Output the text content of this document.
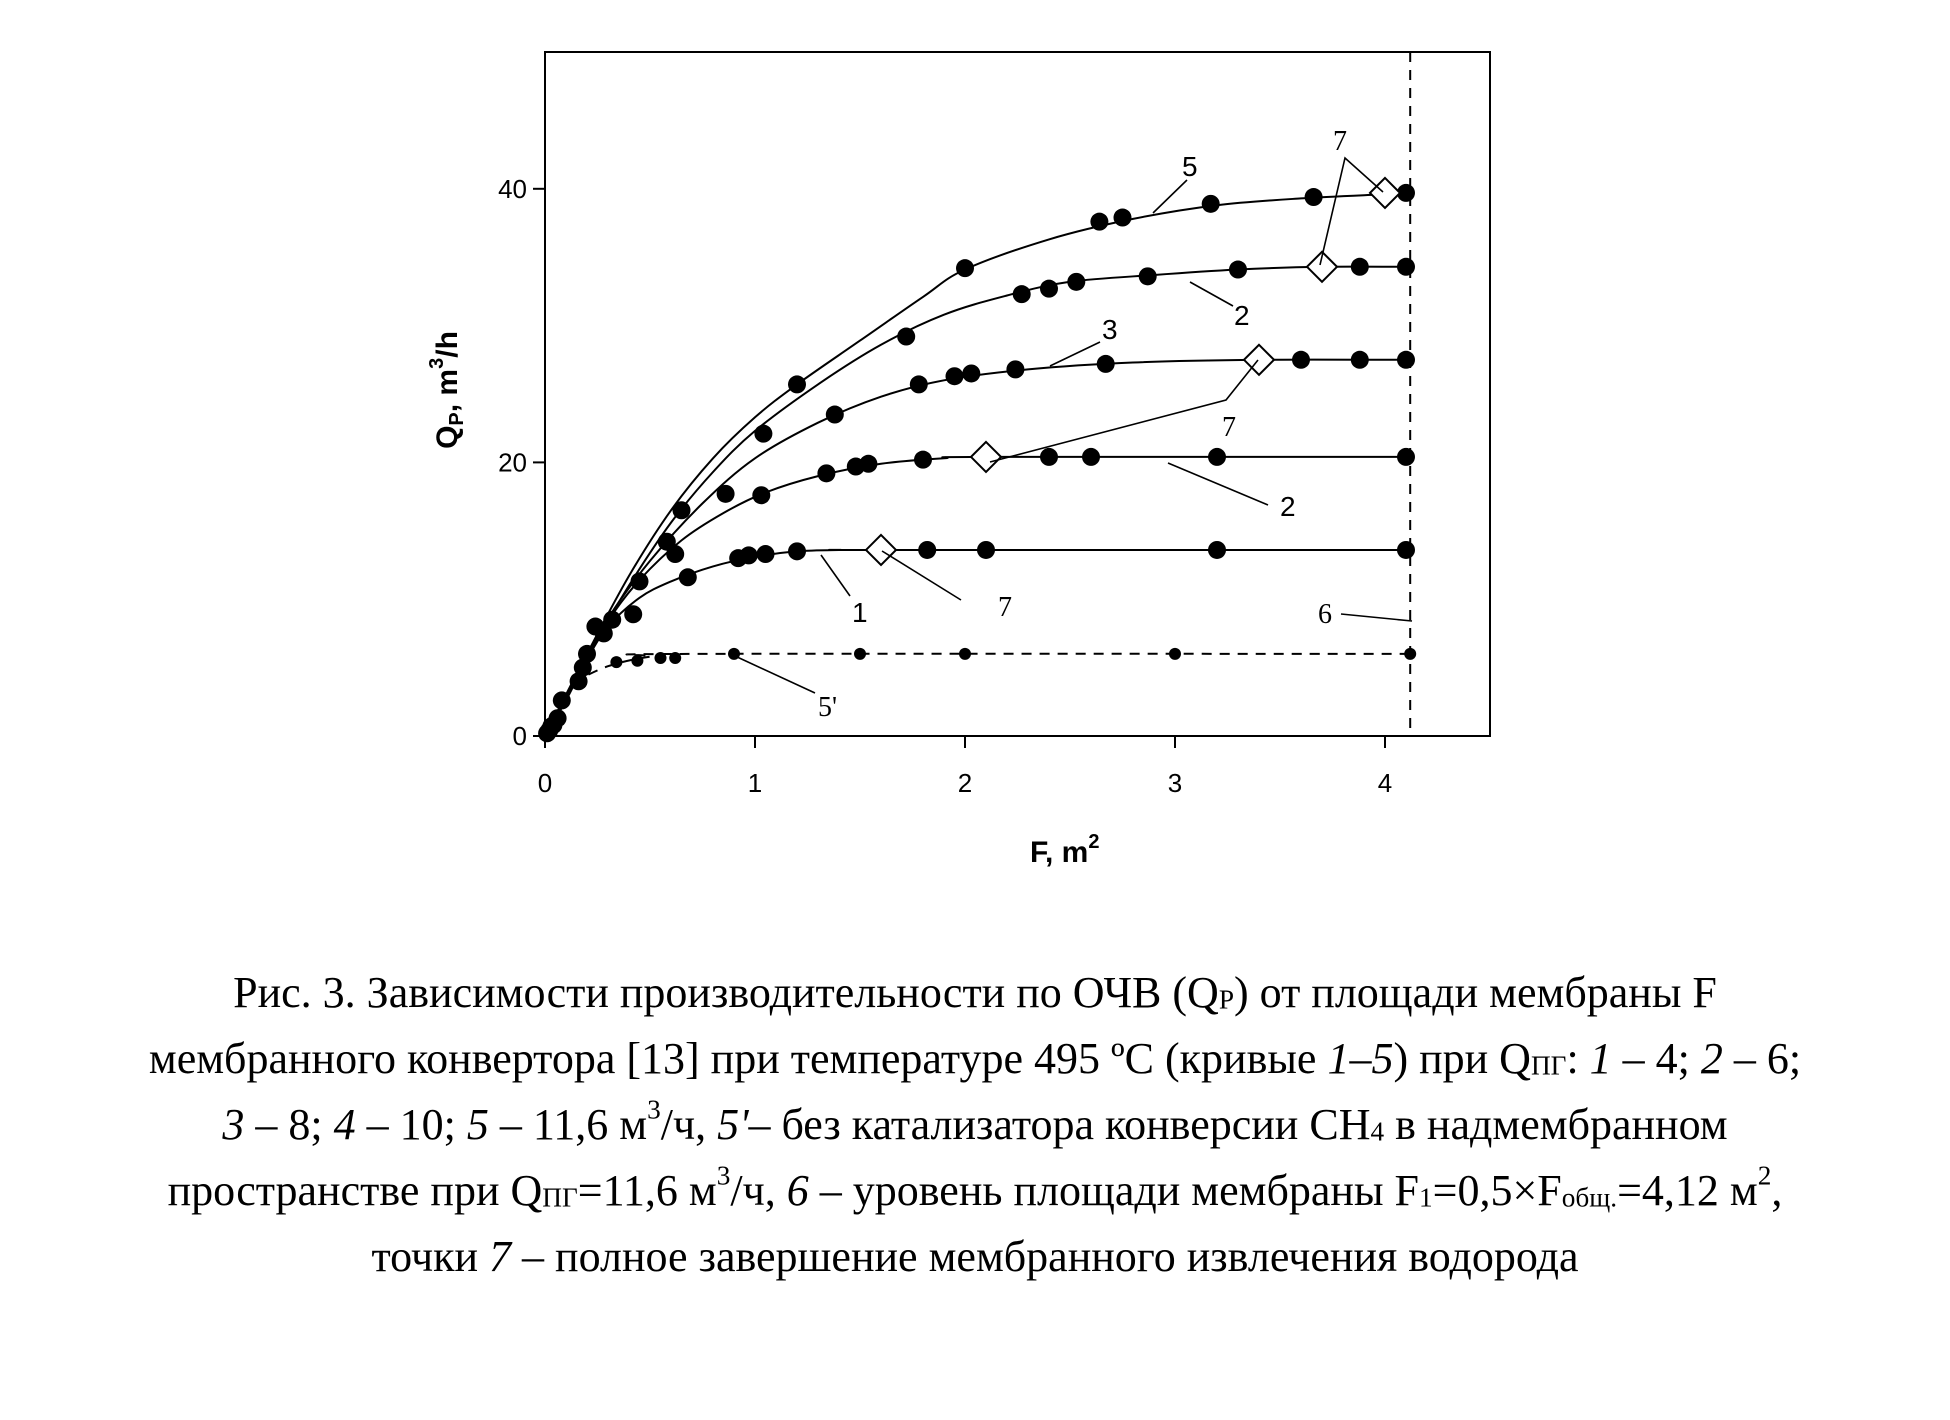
0	1	2	3	4
0
20
40
5
2
3
2
1
5'
6
7
7
7
F, $m^2$
$Q_P$, $m^3/h$
Рис. 3. Зависимости производительности по ОЧВ $(Q_P)$ от площади мембраны F
мембранного конвертора [13] при температуре 495 ºС (кривые 1–5) при $Q_{ПГ}$: 1 – 4; 2 – 6;
3 – 8; 4 – 10; 5 – 11,6 $м^3/ч$, 5'– без катализатора конверсии $СН_4$ в надмембранном
пространстве при $Q_{ПГ}=11,6$ $м^3/ч$, 6 – уровень площади мембраны $F_1=0,5\times F_{общ.}=4,12$ $м^2$,
точки 7 – полное завершение мембранного извлечения водорода
